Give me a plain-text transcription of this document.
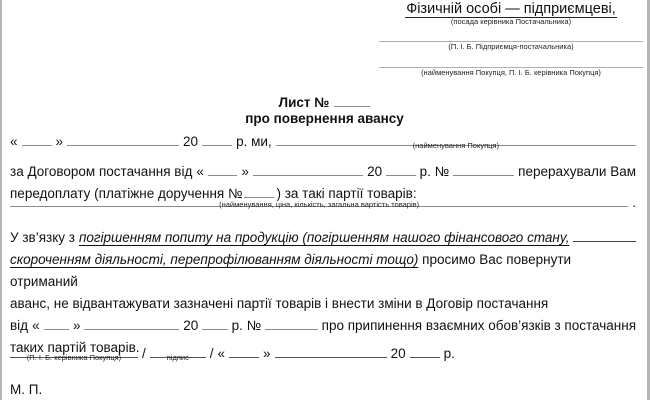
Фізичній особі — підприємцеві,
(посада керівника Постачальника)
(П. І. Б. Підприємця-постачальника)
(найменування Покупця, П. І. Б. керівника Покупця)
Лист №
про повернення авансу
«	»	20	р. ми,	(найменування Покупця)
за Договором постачання від «	»	20	р. №	перерахували Вам
передоплату (платіжне доручення №	) за такі партії товарів:
(найменування, ціна, кількість, загальна вартість товарів)	.
У зв’язку з погіршенням попиту на продукцію (погіршенням нашого фінансового стану,
скороченням діяльності, перепрофілюванням діяльності тощо) просимо Вас повернути отриманий
аванс, не відвантажувати зазначені партії товарів і внести зміни в Договір постачання
від « »	20 р. №	про припинення взаємних обов’язків з постачання
таких партій товарів.
(П. І. Б. керівника Покупця) /	підпис / «	»	20	р.
М. П.
